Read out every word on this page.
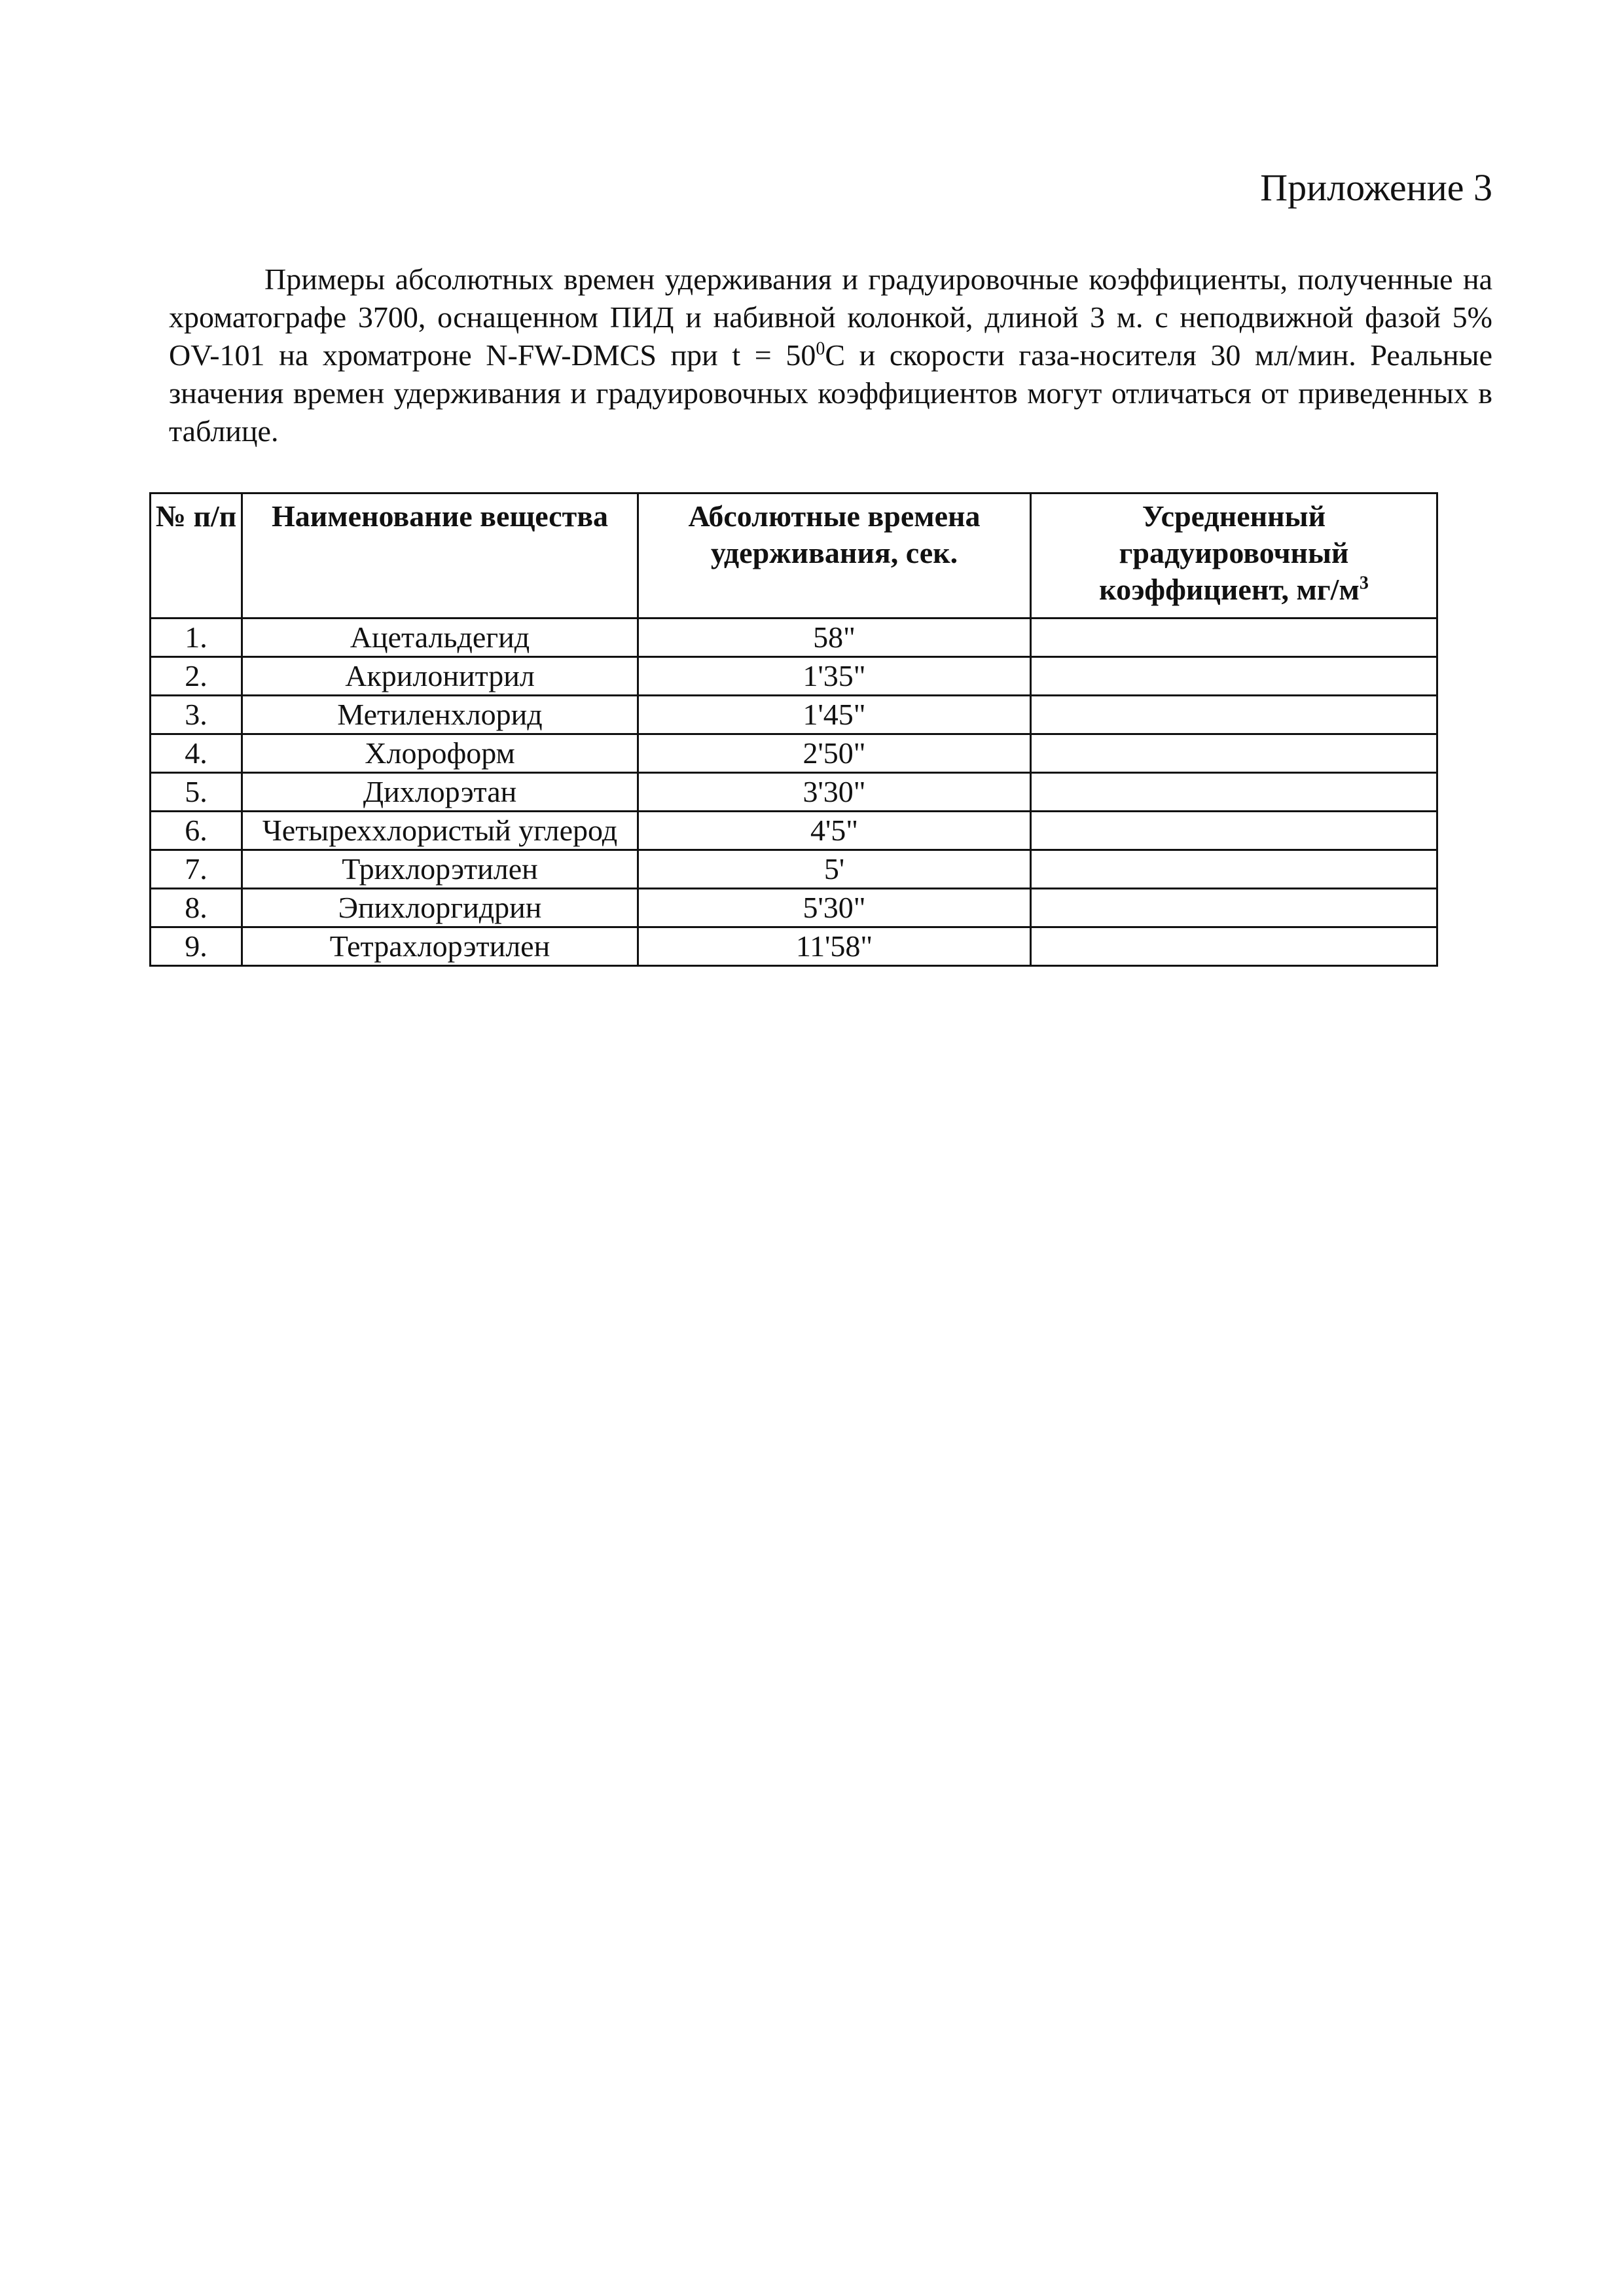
Приложение 3

Примеры абсолютных времен удерживания и градуировочные коэффициенты, полученные на хроматографе 3700, оснащенном ПИД и набивной колонкой, длиной 3 м. с неподвижной фазой 5% OV-101 на хроматроне N-FW-DMCS при $t = 50^0С$ и скорости газа-носителя 30 мл/мин. Реальные значения времен удерживания и градуировочных коэффициентов могут отличаться от приведенных в таблице.

№ п/п	Наименование вещества	Абсолютные времена удерживания, сек.	Усредненный градуировочный коэффициент, $мг/м^3$
1.	Ацетальдегид	58"	
2.	Акрилонитрил	1'35"	
3.	Метиленхлорид	1'45"	
4.	Хлороформ	2'50"	
5.	Дихлорэтан	3'30"	
6.	Четыреххлористый углерод	4'5"	
7.	Трихлорэтилен	5'	
8.	Эпихлоргидрин	5'30"	
9.	Тетрахлорэтилен	11'58"	
